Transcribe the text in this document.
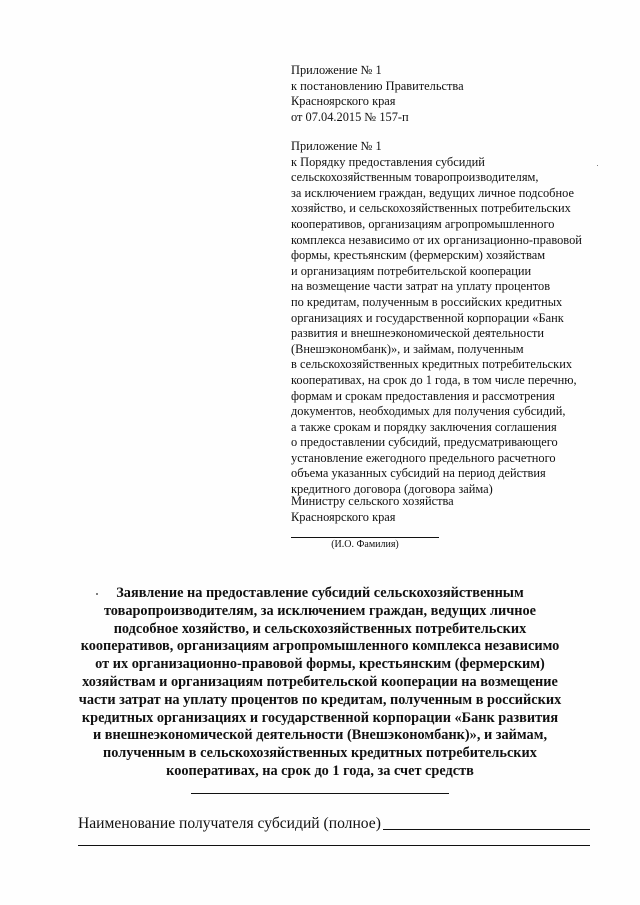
Приложение № 1
к постановлению Правительства
Красноярского края
от 07.04.2015 № 157-п
Приложение № 1
к Порядку предоставления субсидий
сельскохозяйственным товаропроизводителям,
за исключением граждан, ведущих личное подсобное
хозяйство, и сельскохозяйственных потребительских
кооперативов, организациям агропромышленного
комплекса независимо от их организационно-правовой
формы, крестьянским (фермерским) хозяйствам
и организациям потребительской кооперации
на возмещение части затрат на уплату процентов
по кредитам, полученным в российских кредитных
организациях и государственной корпорации «Банк
развития и внешнеэкономической деятельности
(Внешэкономбанк)», и займам, полученным
в сельскохозяйственных кредитных потребительских
кооперативах, на срок до 1 года, в том числе перечню,
формам и срокам предоставления и рассмотрения
документов, необходимых для получения субсидий,
а также срокам и порядку заключения соглашения
о предоставлении субсидий, предусматривающего
установление ежегодного предельного расчетного
объема указанных субсидий на период действия
кредитного договора (договора займа)
Министру сельского хозяйства
Красноярского края
(И.О. Фамилия)
Заявление на предоставление субсидий сельскохозяйственным
товаропроизводителям, за исключением граждан, ведущих личное
подсобное хозяйство, и сельскохозяйственных потребительских
кооперативов, организациям агропромышленного комплекса независимо
от их организационно-правовой формы, крестьянским (фермерским)
хозяйствам и организациям потребительской кооперации на возмещение
части затрат на уплату процентов по кредитам, полученным в российских
кредитных организациях и государственной корпорации «Банк развития
и внешнеэкономической деятельности (Внешэкономбанк)», и займам,
полученным в сельскохозяйственных кредитных потребительских
кооперативах, на срок до 1 года, за счет средств
Наименование получателя субсидий (полное)
